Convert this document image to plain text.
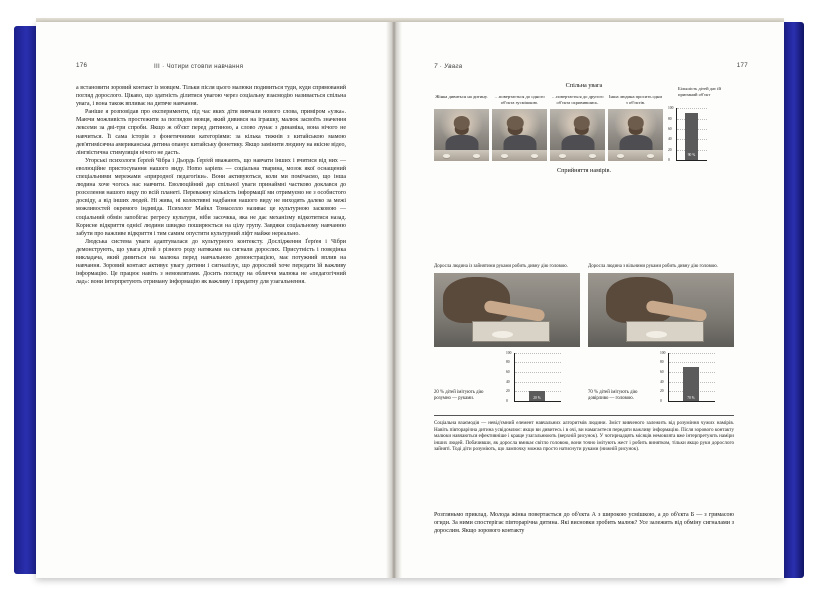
176	III · Чотири стовпи навчання

а встановити зоровий контакт із мовцем. Тільки після цього малюки подивиться туди, куди спрямований погляд дорослого. Цікаво, що здатність ділитися увагою через соціальну взаємодію називається спільна увага, і вона також впливає на дитяче навчання.

Раніше я розповідав про експерименти, під час яких діти вивчали нового слова, приміром «узка». Маючи можливість простежити за поглядом мовця, який дивився на іграшку, малюк засвоїть значення лексеми за дві-три спроби. Якщо ж об'єкт перед дитиною, а слово лунає з динаміка, вона нічого не навчиться. Її сама історія з фонетичними категоріями: за кілька тижнів з китайською мамою дев'ятимісячна американська дитина опанує китайську фонетику. Якщо замінити людину на якісне відео, лінгвістична стимуляція нічого не дасть.

Угорські психологи Ґерґей Чібра і Дьордь Ґерґей вважають, що навчати інших і вчитися від них — еволюційне пристосування нашого виду. Homo sapiens — соціальна тварина, мозок якої оснащений спеціальними мережами «природної педагогіки». Вони активуються, коли ми помічаємо, що інша людина хоче чогось нас навчити. Еволюційний дар спільної уваги принаймні частково доклався до розселення нашого виду по всій планеті. Переважну кількість інформації ми отримуємо не з особистого досвіду, а від інших людей. Ні жива, ні колективні надбання нашого виду не виходять далеко за межі можливостей окремого індивіда. Психолог Майкл Томаселло називає це культурною засковою — соціальний обмін запобігає регресу культури, ніби засочкка, яка не дає механізму відкотитися назад. Корисне відкриття однієї людини швидко поширюється на цілу групу. Завдяки соціальному навчанню забути про важливе відкриття і тим самим опустити культурний ліфт майже нереально.

Людська система уваги адаптувалася до культурного контексту. Дослідження Ґерґея і Чібри демонструють, що увага дітей з різного роду натяками на сигнали дорослих. Присутність і поведінка викладача, який дивиться на малюка перед навчальною демонстрацією, має потужний вплив на навчання. Зоровий контакт активує увагу дитини і сигналізує, що дорослий хоче передати їй важливу інформацію. Це працює навіть з немовлятами. Досить погляду на обличчя малюка не «педагогічний лад»: вони інтерпретують отриману інформацію як важливу і придатну для узагальнення.

7 · Увага	177
Спільна увага
Жінка дивиться на дитину.	…повертається до одного об'єкта зусмішкою.
…повертається до другого об'єкта скривившись.
Інша людина просить одни з об'єктів.
100
80
60
40
20
0
90 %
Більшість дітей дає їй приємний об'єкт
Сприйняття намірів.
Доросла людина із зайнятими руками робить дивну дію головою.	Доросла людина з вільними руками робить дивну дію головою.
20 % дітей імітують дію розумно — руками.
100
80
60
40
20
0
20 %
70 % дітей імітують дію довірливо — головою.
100
80
60
40
20
0
70 %
Соціальна взаємодія — невід'ємний елемент навчальних алгоритмів людини. Зміст вивченого залежить від розуміння чужих намірів. Навіть півторарічна дитина усвідомлює: якщо ви дивитесь і в очі, ви намагаєтеся передати важливу інформацію. Після зорового контакту малюки навчаються ефективніше і краще узагальнюють (верхній рисунок). У чотирнадцять місяців немовлята вже інтерпретують наміри інших людей. Побачивши, як доросла вмикає світло головою, вони точно імітують жест і робить винятком, тільки якщо руки дорослого зайняті. Тоді діти розуміють, що лампочку можна просто натиснути руками (нижній рисунок).

Розгляньмо приклад. Молода жінка повертається до об'єкта А з широкою усмішкою, а до об'єкта Б — з гримасою огиди. За ними спостерігає півторарічна дитина. Які висновки зробить малюк? Усе залежить від обміну сигналами з дорослим. Якщо зорового контакту
